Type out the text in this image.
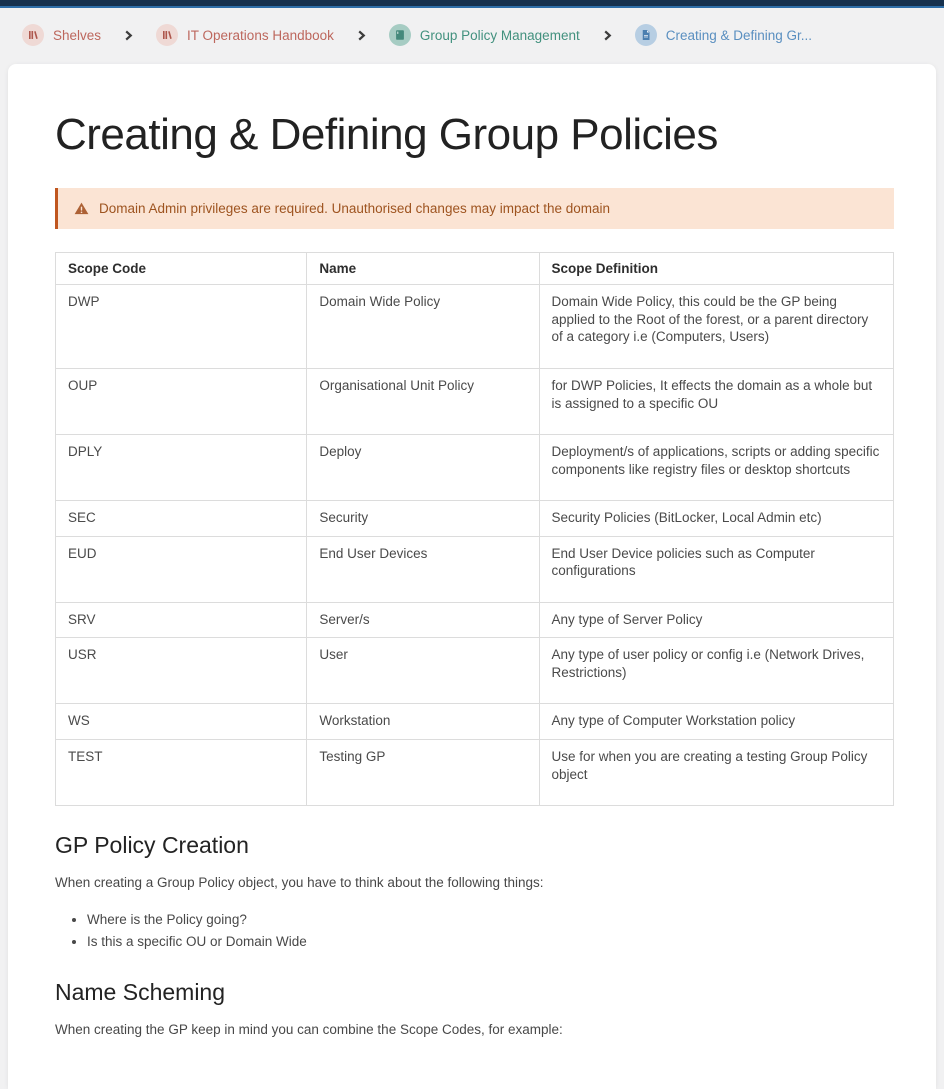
Shelves	IT Operations Handbook	Group Policy Management	Creating & Defining Gr...
Creating & Defining Group Policies
Domain Admin privileges are required. Unauthorised changes may impact the domain
Scope Code	Name	Scope Definition
DWP	Domain Wide Policy	Domain Wide Policy, this could be the GP being applied to the Root of the forest, or a parent directory of a category i.e (Computers, Users)
OUP	Organisational Unit Policy	for DWP Policies, It effects the domain as a whole but is assigned to a specific OU
DPLY	Deploy	Deployment/s of applications, scripts or adding specific components like registry files or desktop shortcuts
SEC	Security	Security Policies (BitLocker, Local Admin etc)
EUD	End User Devices	End User Device policies such as Computer configurations
SRV	Server/s	Any type of Server Policy
USR	User	Any type of user policy or config i.e (Network Drives, Restrictions)
WS	Workstation	Any type of Computer Workstation policy
TEST	Testing GP	Use for when you are creating a testing Group Policy object
GP Policy Creation

When creating a Group Policy object, you have to think about the following things:

• Where is the Policy going?
• Is this a specific OU or Domain Wide
Name Scheming

When creating the GP keep in mind you can combine the Scope Codes, for example:
